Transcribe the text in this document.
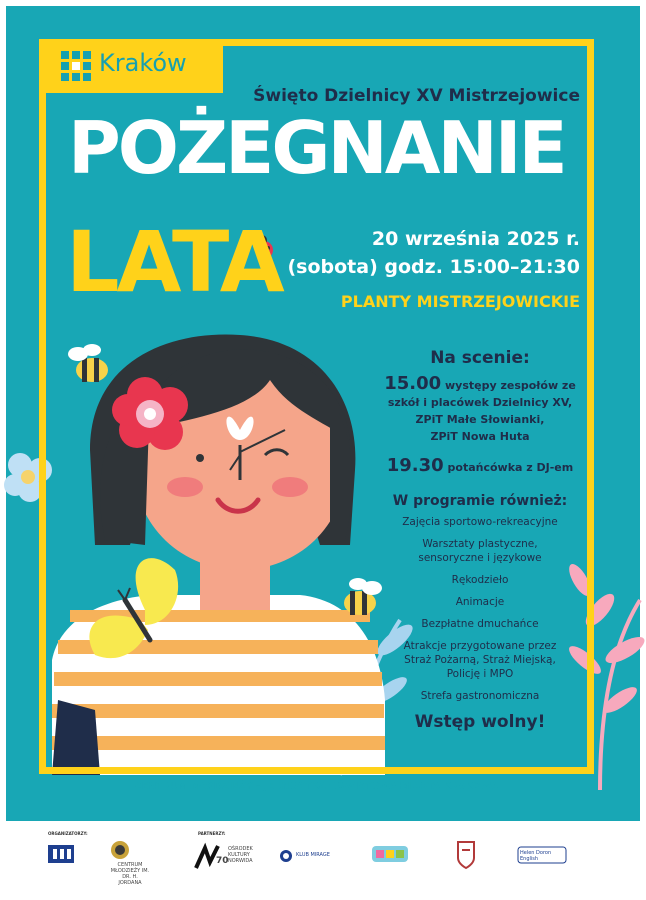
Kraków
Święto Dzielnicy XV Mistrzejowice
POŻEGNANIE
LATA	20 września 2025 r.
(sobota) godz. 15:00–21:30
PLANTY MISTRZEJOWICKIE
Na scenie:
15.00 występy zespołów ze
szkół i placówek Dzielnicy XV,
ZPiT Małe Słowianki,
ZPiT Nowa Huta
19.30 potańcówka z DJ-em
W programie również:
Zajęcia sportowo-rekreacyjne
Warsztaty plastyczne,
sensoryczne i językowe
Rękodzieło
Animacje
Bezpłatne dmuchańce
Atrakcje przygotowane przez
Straż Pożarną, Straż Miejską,
Policję i MPO
Strefa gastronomiczna
Wstęp wolny!
CENTRUM MŁODZIEŻY – JEDNOSTKA OŚWIATOWA MIASTA KRAKOWA
ORGANIZATORZY:	PARTNERZY:
CENTRUM MŁODZIEŻY IM. DR. H. JORDANA
70
OŚRODEK KULTURY NORWIDA
KLUB MIRAGE	Helen Doron English
